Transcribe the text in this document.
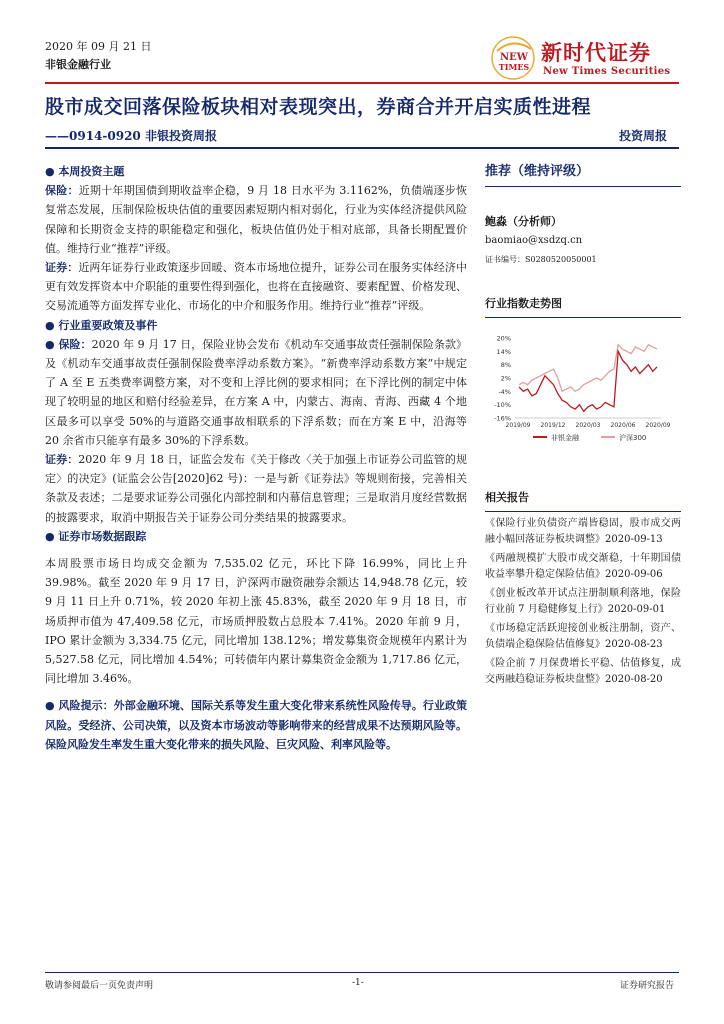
2020 年 09 月 21 日
非银金融行业
NEW
TIMES
新时代证券
New Times Securities
股市成交回落保险板块相对表现突出，券商合并开启实质性进程
——0914-0920 非银投资周报	投资周报

● 本周投资主题

保险：近期十年期国债到期收益率企稳，9 月 18 日水平为 3.1162%，负债端逐步恢复常态发展，压制保险板块估值的重要因素短期内相对弱化，行业为实体经济提供风险保障和长期资金支持的职能稳定和强化，板块估值仍处于相对底部，具备长期配置价值。维持行业“推荐”评级。

证券：近两年证券行业政策逐步回暖、资本市场地位提升，证券公司在服务实体经济中更有效发挥资本中介职能的重要性得到强化，也将在直接融资、要素配置、价格发现、交易流通等方面发挥专业化、市场化的中介和服务作用。维持行业“推荐”评级。

● 行业重要政策及事件

● 保险：2020 年 9 月 17 日，保险业协会发布《机动车交通事故责任强制保险条款》及《机动车交通事故责任强制保险费率浮动系数方案》。“新费率浮动系数方案”中规定了 A 至 E 五类费率调整方案，对不变和上浮比例的要求相同；在下浮比例的制定中体现了较明显的地区和赔付经验差异，在方案 A 中，内蒙古、海南、青海、西藏 4 个地区最多可以享受 50%的与道路交通事故相联系的下浮系数；而在方案 E 中，沿海等 20 余省市只能享有最多 30%的下浮系数。

证券：2020 年 9 月 18 日，证监会发布《关于修改〈关于加强上市证券公司监管的规定〉的决定》(证监会公告[2020]62 号)：一是与新《证券法》等规则衔接，完善相关条款及表述；二是要求证券公司强化内部控制和内幕信息管理；三是取消月度经营数据的披露要求，取消中期报告关于证券公司分类结果的披露要求。

● 证券市场数据跟踪

本周股票市场日均成交金额为 7,535.02 亿元，环比下降 16.99%，同比上升 39.98%。截至 2020 年 9 月 17 日，沪深两市融资融券余额达 14,948.78 亿元，较 9 月 11 日上升 0.71%，较 2020 年初上涨 45.83%，截至 2020 年 9 月 18 日，市场质押市值为 47,409.58 亿元，市场质押股数占总股本 7.41%。2020 年前 9 月，IPO 累计金额为 3,334.75 亿元，同比增加 138.12%；增发募集资金规模年内累计为 5,527.58 亿元，同比增加 4.54%；可转债年内累计募集资金金额为 1,717.86 亿元，同比增加 3.46%。

● 风险提示：外部金融环境、国际关系等发生重大变化带来系统性风险传导。行业政策风险。受经济、公司决策，以及资本市场波动等影响带来的经营成果不达预期风险等。保险风险发生率发生重大变化带来的损失风险、巨灾风险、利率风险等。

推荐（维持评级）
鲍淼（分析师）
baomiao@xsdzq.cn
证书编号：S0280520050001
行业指数走势图
20%
14%
8%
2%
-4%
-10%
-16%
2019/09 2019/12 2020/03 2020/06 2020/09
非银金融	沪深300
相关报告
《保险行业负债资产端皆稳固，股市成交两融小幅回落证券板块调整》2020-09-13
《两融规模扩大股市成交渐稳，十年期国债收益率攀升稳定保险估值》2020-09-06
《创业板改革开试点注册制顺利落地，保险行业前 7 月稳健修复上行》2020-09-01
《市场稳定活跃迎接创业板注册制，资产、负债端企稳保险估值修复》2020-08-23
《险企前 7 月保费增长平稳、估值修复，成交两融趋稳证券板块盘整》2020-08-20
敬请参阅最后一页免责声明	-1-	证券研究报告
